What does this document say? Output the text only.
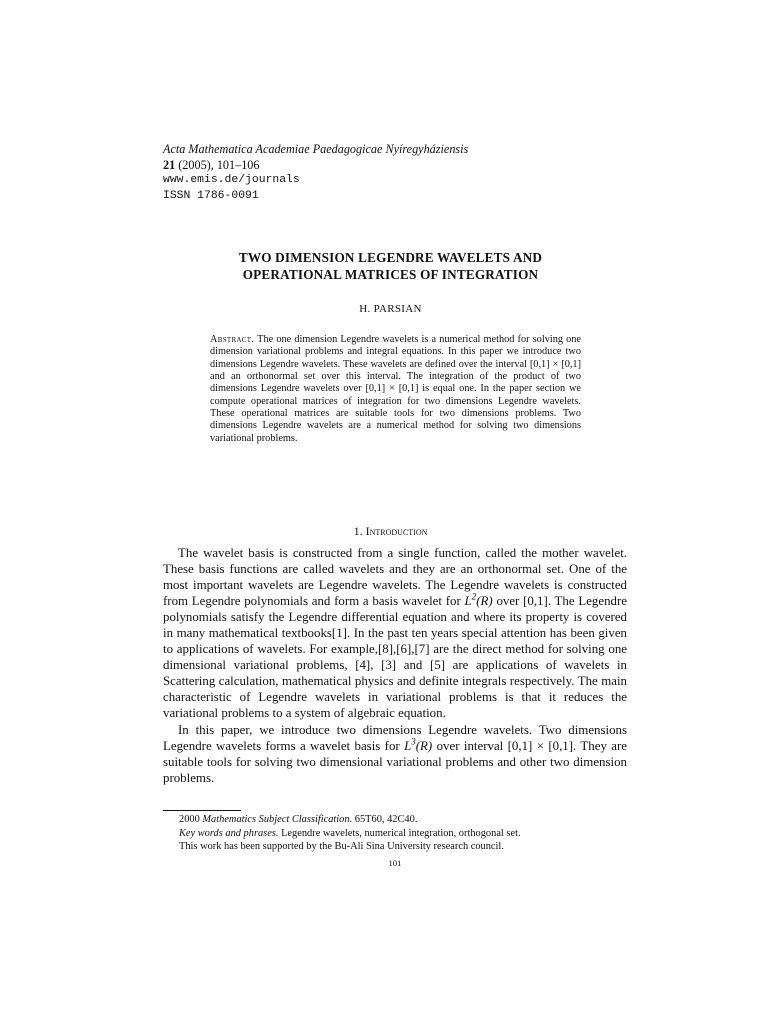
Acta Mathematica Academiae Paedagogicae Nyíregyháziensis
21 (2005), 101–106
www.emis.de/journals
ISSN 1786-0091
TWO DIMENSION LEGENDRE WAVELETS AND
OPERATIONAL MATRICES OF INTEGRATION
H. PARSIAN
Abstract. The one dimension Legendre wavelets is a numerical method for solving one dimension variational problems and integral equations. In this paper we introduce two dimensions Legendre wavelets. These wavelets are defined over the interval [0,1] × [0,1] and an orthonormal set over this interval. The integration of the product of two dimensions Legendre wavelets over [0,1] × [0,1] is equal one. In the paper section we compute operational matrices of integration for two dimensions Legendre wavelets. These operational matrices are suitable tools for two dimensions problems. Two dimensions Legendre wavelets are a numerical method for solving two dimensions variational problems.
1. Introduction

The wavelet basis is constructed from a single function, called the mother wavelet. These basis functions are called wavelets and they are an orthonormal set. One of the most important wavelets are Legendre wavelets. The Legendre wavelets is constructed from Legendre polynomials and form a basis wavelet for $L^2(R)$ over [0,1]. The Legendre polynomials satisfy the Legendre differential equation and where its property is covered in many mathematical textbooks[1]. In the past ten years special attention has been given to applications of wavelets. For example,[8],[6],[7] are the direct method for solving one dimensional variational problems, [4], [3] and [5] are applications of wavelets in Scattering calculation, mathematical physics and definite integrals respectively. The main characteristic of Legendre wavelets in variational problems is that it reduces the variational problems to a system of algebraic equation.

In this paper, we introduce two dimensions Legendre wavelets. Two dimensions Legendre wavelets forms a wavelet basis for $L^3(R)$ over interval [0,1] × [0,1]. They are suitable tools for solving two dimensional variational problems and other two dimension problems.

2000 Mathematics Subject Classification. 65T60, 42C40.
Key words and phrases. Legendre wavelets, numerical integration, orthogonal set.
This work has been supported by the Bu-Ali Sina University research council.
101
